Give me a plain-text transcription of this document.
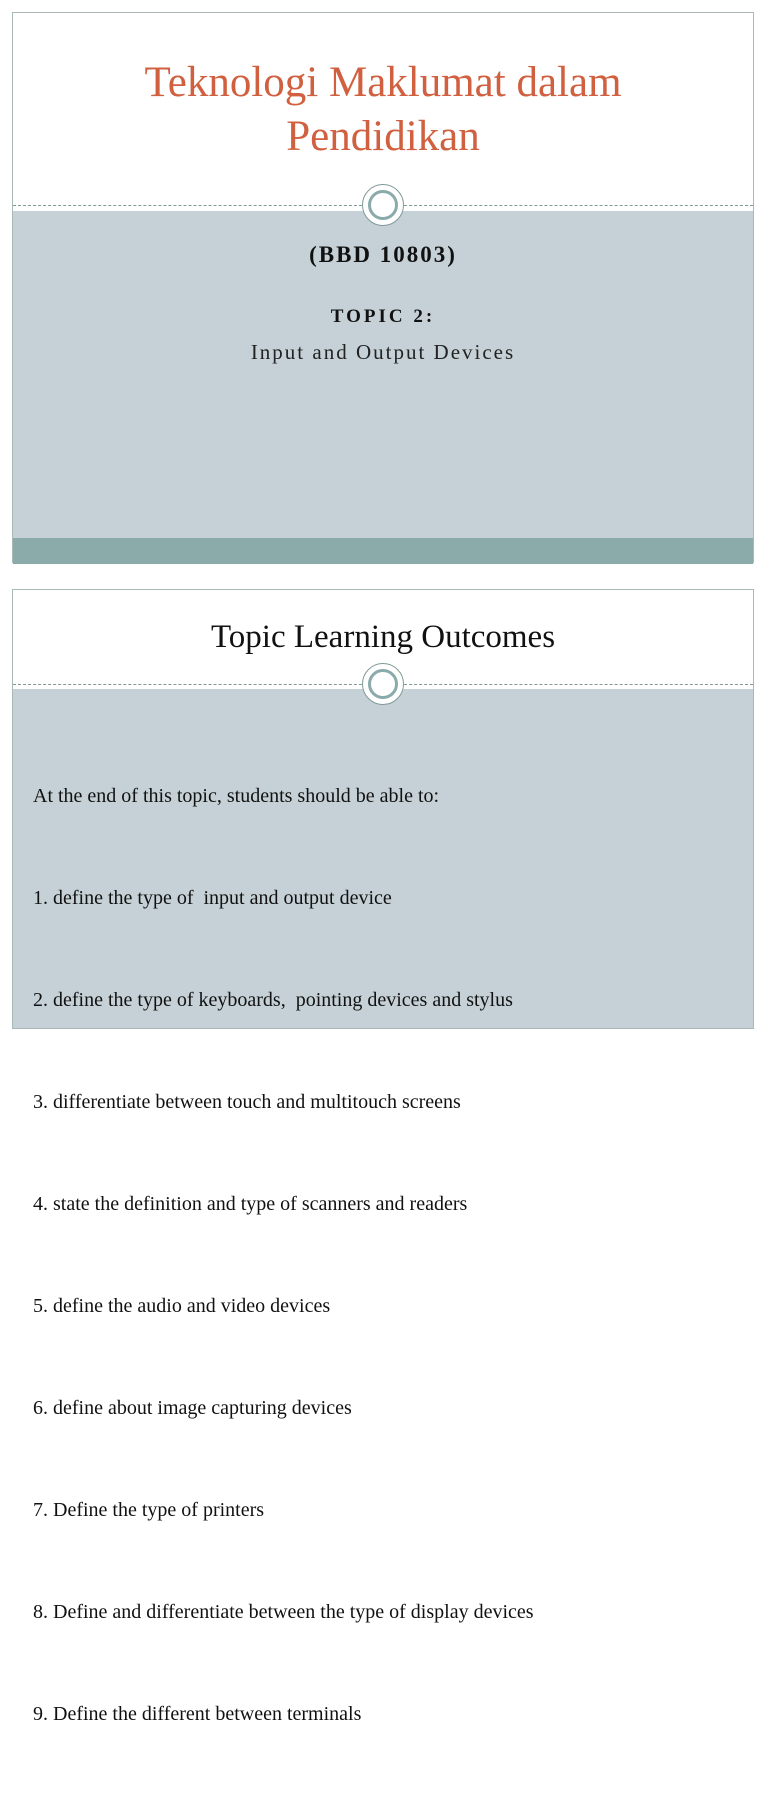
Teknologi Maklumat dalam Pendidikan
(BBD 10803)
TOPIC 2:
Input and Output Devices
Topic Learning Outcomes

At the end of this topic, students should be able to:

1. define the type of  input and output device

2. define the type of keyboards,  pointing devices and stylus

3. differentiate between touch and multitouch screens

4. state the definition and type of scanners and readers

5. define the audio and video devices

6. define about image capturing devices

7. Define the type of printers

8. Define and differentiate between the type of display devices

9. Define the different between terminals
